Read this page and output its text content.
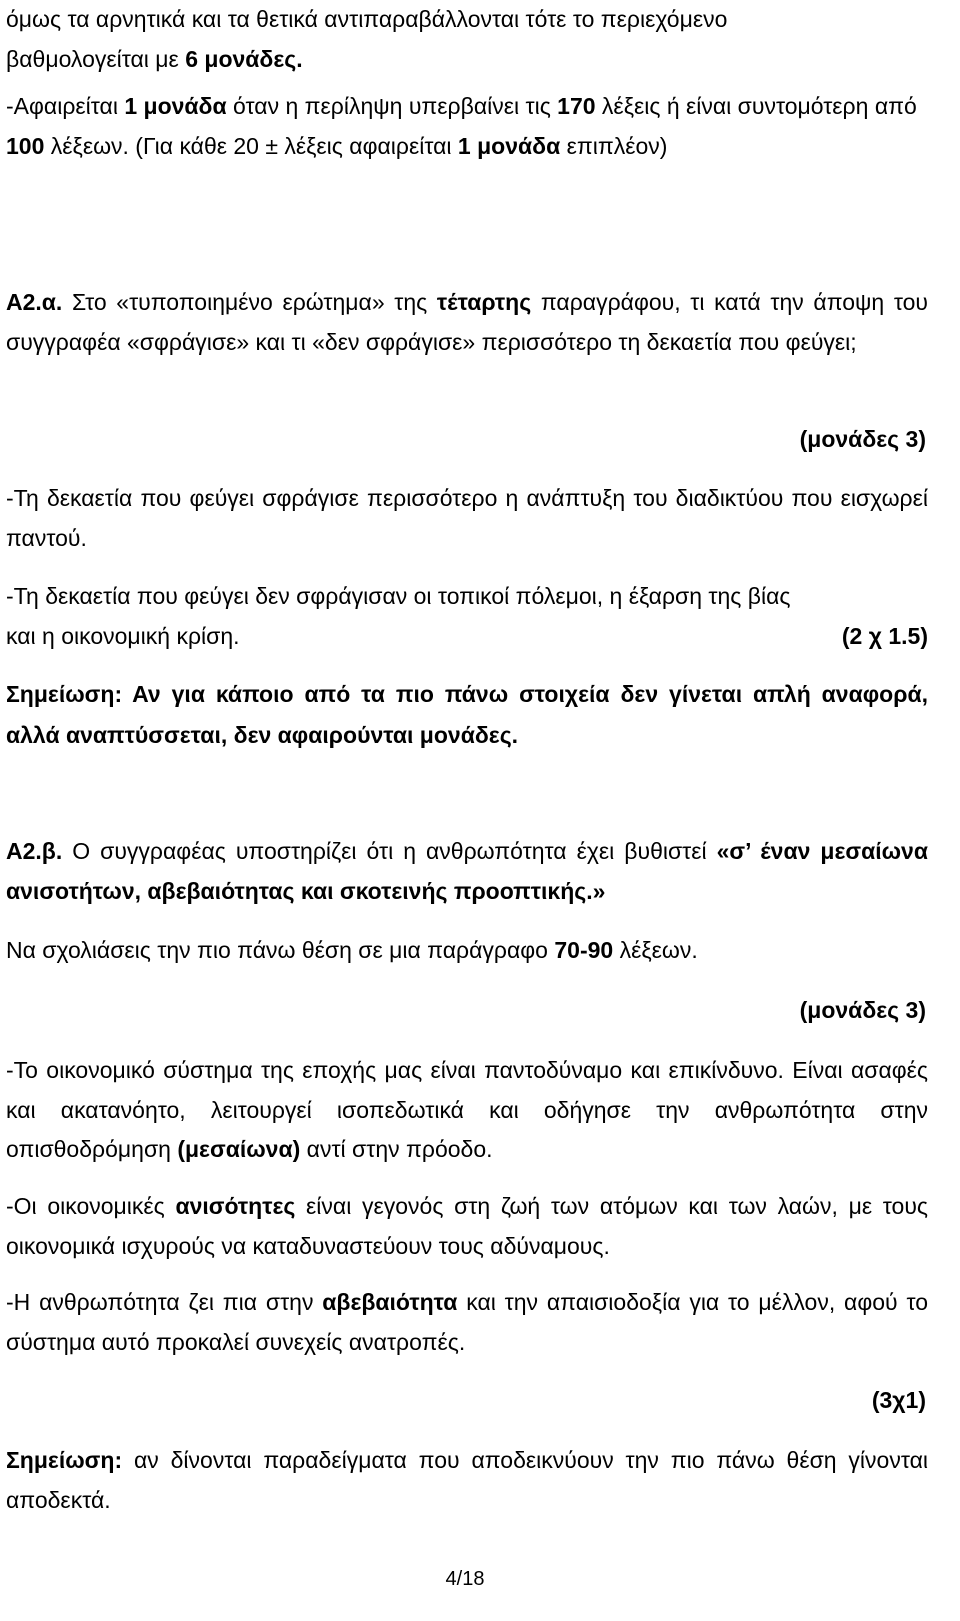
όμως τα αρνητικά και τα θετικά αντιπαραβάλλονται τότε το περιεχόμενο
βαθμολογείται με 6 μονάδες.

-Αφαιρείται 1 μονάδα όταν η περίληψη υπερβαίνει τις 170 λέξεις ή είναι συντομότερη από 100 λέξεων. (Για κάθε 20 ± λέξεις αφαιρείται 1 μονάδα επιπλέον)

Α2.α. Στο «τυποποιημένο ερώτημα» της τέταρτης παραγράφου, τι κατά την άποψη του συγγραφέα «σφράγισε» και τι «δεν σφράγισε» περισσότερο τη δεκαετία που φεύγει;

(μονάδες 3)

-Τη δεκαετία που φεύγει σφράγισε περισσότερο η ανάπτυξη του διαδικτύου που εισχωρεί παντού.

-Τη δεκαετία που φεύγει δεν σφράγισαν οι τοπικοί πόλεμοι, η έξαρση της βίας
και η οικονομική κρίση.	(2 χ 1.5)

Σημείωση: Αν για κάποιο από τα πιο πάνω στοιχεία δεν γίνεται απλή αναφορά, αλλά αναπτύσσεται, δεν αφαιρούνται μονάδες.

Α2.β. Ο συγγραφέας υποστηρίζει ότι η ανθρωπότητα έχει βυθιστεί «σ’ έναν μεσαίωνα ανισοτήτων, αβεβαιότητας και σκοτεινής προοπτικής.»

Να σχολιάσεις την πιο πάνω θέση σε μια παράγραφο 70-90 λέξεων.

(μονάδες 3)

-Το οικονομικό σύστημα της εποχής μας είναι παντοδύναμο και επικίνδυνο. Είναι ασαφές και ακατανόητο, λειτουργεί ισοπεδωτικά και οδήγησε την ανθρωπότητα στην οπισθοδρόμηση (μεσαίωνα) αντί στην πρόοδο.

-Οι οικονομικές ανισότητες είναι γεγονός στη ζωή των ατόμων και των λαών, με τους οικονομικά ισχυρούς να καταδυναστεύουν τους αδύναμους.

-Η ανθρωπότητα ζει πια στην αβεβαιότητα και την απαισιοδοξία για το μέλλον, αφού το σύστημα αυτό προκαλεί συνεχείς ανατροπές.

(3χ1)

Σημείωση: αν δίνονται παραδείγματα που αποδεικνύουν την πιο πάνω θέση γίνονται αποδεκτά.

4/18
